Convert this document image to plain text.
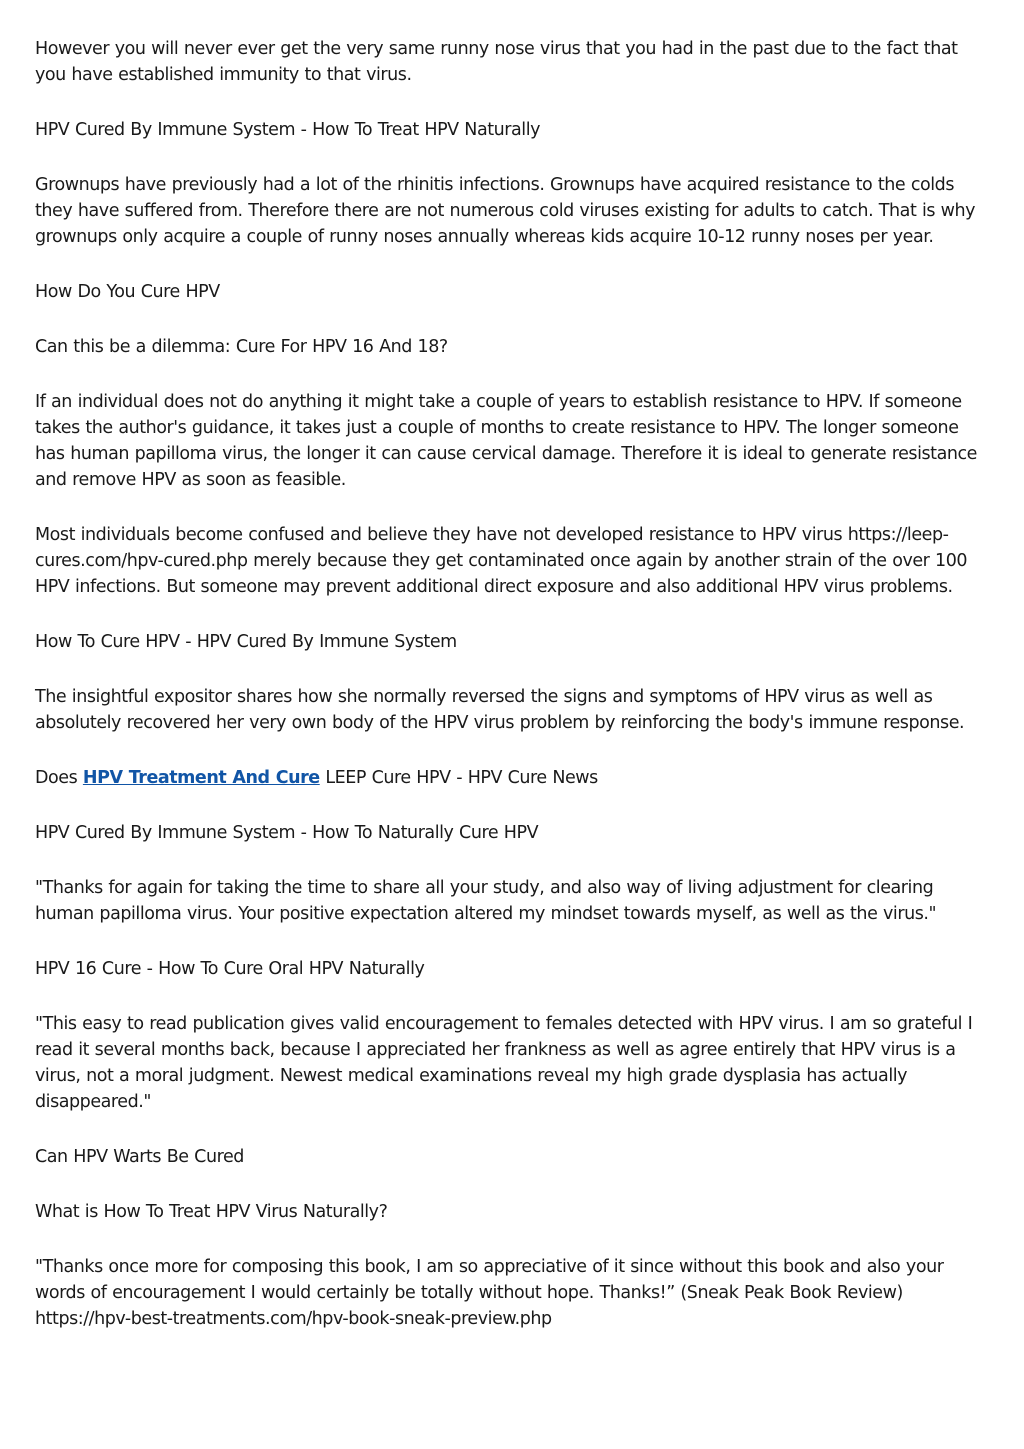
However you will never ever get the very same runny nose virus that you had in the past due to the fact that you have established immunity to that virus.

HPV Cured By Immune System - How To Treat HPV Naturally

Grownups have previously had a lot of the rhinitis infections. Grownups have acquired resistance to the colds they have suffered from. Therefore there are not numerous cold viruses existing for adults to catch. That is why grownups only acquire a couple of runny noses annually whereas kids acquire 10-12 runny noses per year.

How Do You Cure HPV

Can this be a dilemma: Cure For HPV 16 And 18?

If an individual does not do anything it might take a couple of years to establish resistance to HPV. If someone takes the author's guidance, it takes just a couple of months to create resistance to HPV. The longer someone has human papilloma virus, the longer it can cause cervical damage. Therefore it is ideal to generate resistance and remove HPV as soon as feasible.

Most individuals become confused and believe they have not developed resistance to HPV virus https://leep-cures.com/hpv-cured.php merely because they get contaminated once again by another strain of the over 100 HPV infections. But someone may prevent additional direct exposure and also additional HPV virus problems.

How To Cure HPV - HPV Cured By Immune System

The insightful expositor shares how she normally reversed the signs and symptoms of HPV virus as well as absolutely recovered her very own body of the HPV virus problem by reinforcing the body's immune response.

Does HPV Treatment And Cure LEEP Cure HPV - HPV Cure News

HPV Cured By Immune System - How To Naturally Cure HPV

"Thanks for again for taking the time to share all your study, and also way of living adjustment for clearing human papilloma virus. Your positive expectation altered my mindset towards myself, as well as the virus."

HPV 16 Cure - How To Cure Oral HPV Naturally

"This easy to read publication gives valid encouragement to females detected with HPV virus. I am so grateful I read it several months back, because I appreciated her frankness as well as agree entirely that HPV virus is a virus, not a moral judgment. Newest medical examinations reveal my high grade dysplasia has actually disappeared."

Can HPV Warts Be Cured

What is How To Treat HPV Virus Naturally?

"Thanks once more for composing this book, I am so appreciative of it since without this book and also your words of encouragement I would certainly be totally without hope. Thanks!” (Sneak Peak Book Review) https://hpv-best-treatments.com/hpv-book-sneak-preview.php
